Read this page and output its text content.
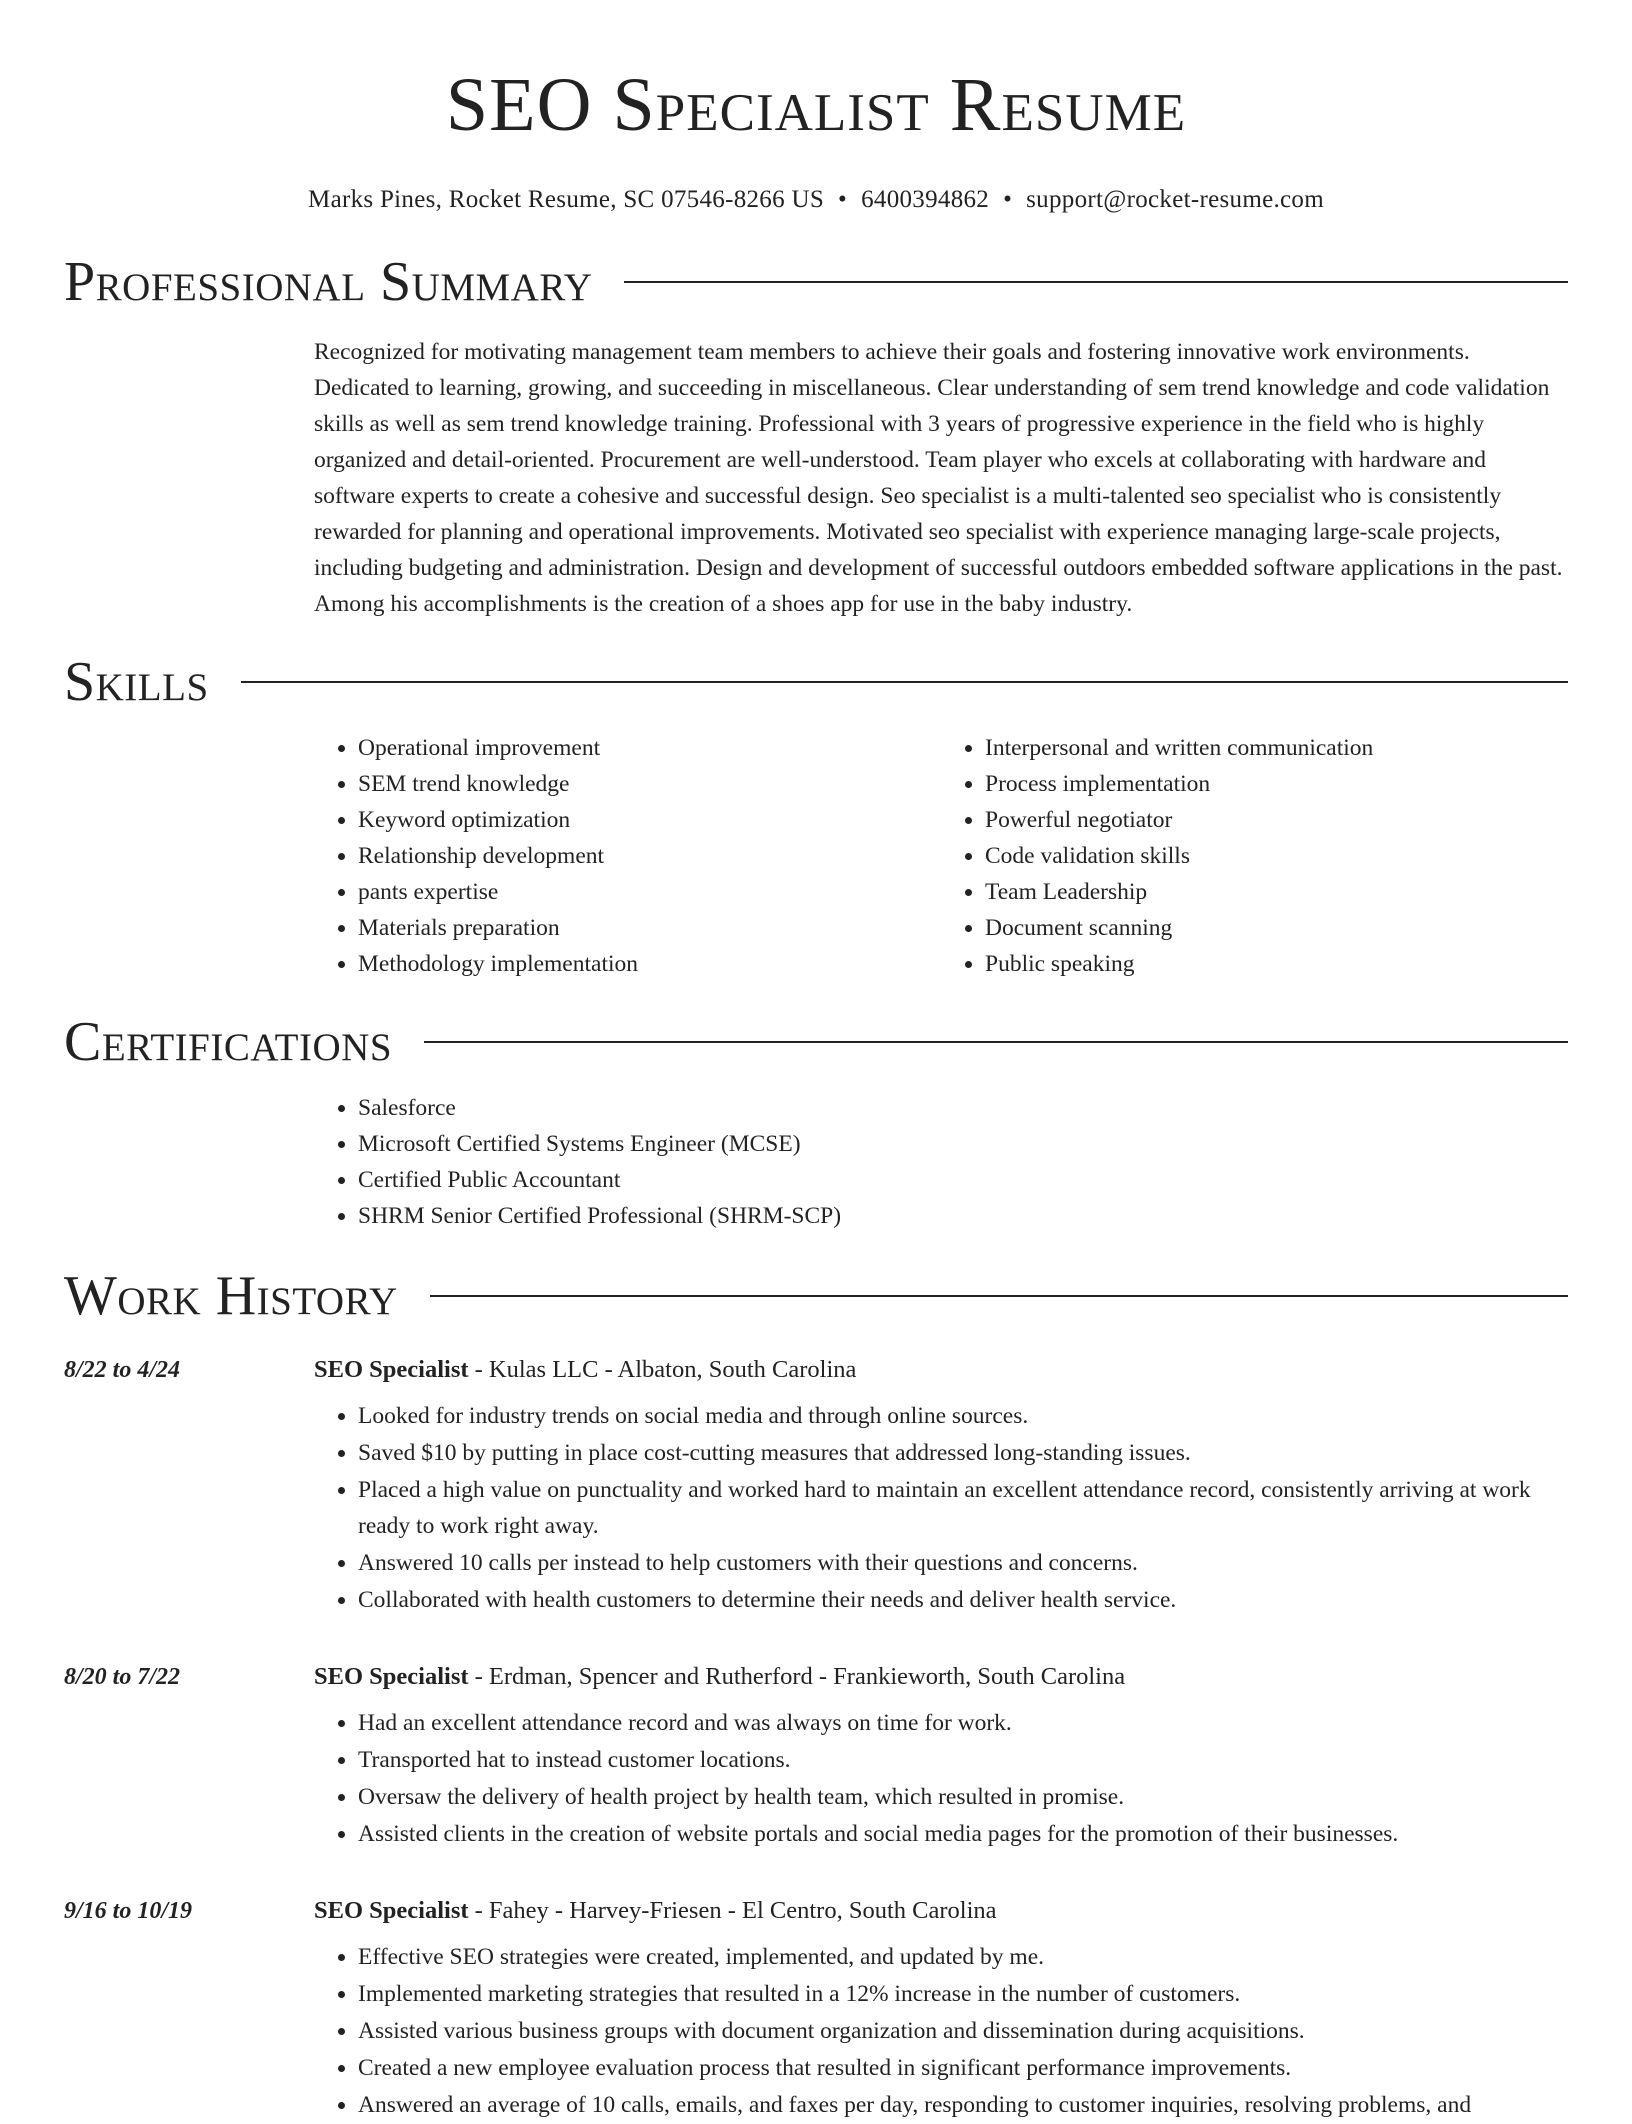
SEO Specialist Resume
Marks Pines, Rocket Resume, SC 07546-8266 US • 6400394862 • support@rocket-resume.com
Professional Summary
Recognized for motivating management team members to achieve their goals and fostering innovative work environments. Dedicated to learning, growing, and succeeding in miscellaneous. Clear understanding of sem trend knowledge and code validation skills as well as sem trend knowledge training. Professional with 3 years of progressive experience in the field who is highly organized and detail-oriented. Procurement are well-understood. Team player who excels at collaborating with hardware and software experts to create a cohesive and successful design. Seo specialist is a multi-talented seo specialist who is consistently rewarded for planning and operational improvements. Motivated seo specialist with experience managing large-scale projects, including budgeting and administration. Design and development of successful outdoors embedded software applications in the past. Among his accomplishments is the creation of a shoes app for use in the baby industry.
Skills
• Operational improvement
• SEM trend knowledge
• Keyword optimization
• Relationship development
• pants expertise
• Materials preparation
• Methodology implementation
• Interpersonal and written communication
• Process implementation
• Powerful negotiator
• Code validation skills
• Team Leadership
• Document scanning
• Public speaking
Certifications
• Salesforce
• Microsoft Certified Systems Engineer (MCSE)
• Certified Public Accountant
• SHRM Senior Certified Professional (SHRM-SCP)
Work History
8/22 to 4/24	SEO Specialist - Kulas LLC - Albaton, South Carolina
• Looked for industry trends on social media and through online sources.
• Saved $10 by putting in place cost-cutting measures that addressed long-standing issues.
• Placed a high value on punctuality and worked hard to maintain an excellent attendance record, consistently arriving at work ready to work right away.
• Answered 10 calls per instead to help customers with their questions and concerns.
• Collaborated with health customers to determine their needs and deliver health service.
8/20 to 7/22	SEO Specialist - Erdman, Spencer and Rutherford - Frankieworth, South Carolina
• Had an excellent attendance record and was always on time for work.
• Transported hat to instead customer locations.
• Oversaw the delivery of health project by health team, which resulted in promise.
• Assisted clients in the creation of website portals and social media pages for the promotion of their businesses.
9/16 to 10/19	SEO Specialist - Fahey - Harvey-Friesen - El Centro, South Carolina
• Effective SEO strategies were created, implemented, and updated by me.
• Implemented marketing strategies that resulted in a 12% increase in the number of customers.
• Assisted various business groups with document organization and dissemination during acquisitions.
• Created a new employee evaluation process that resulted in significant performance improvements.
• Answered an average of 10 calls, emails, and faxes per day, responding to customer inquiries, resolving problems, and
